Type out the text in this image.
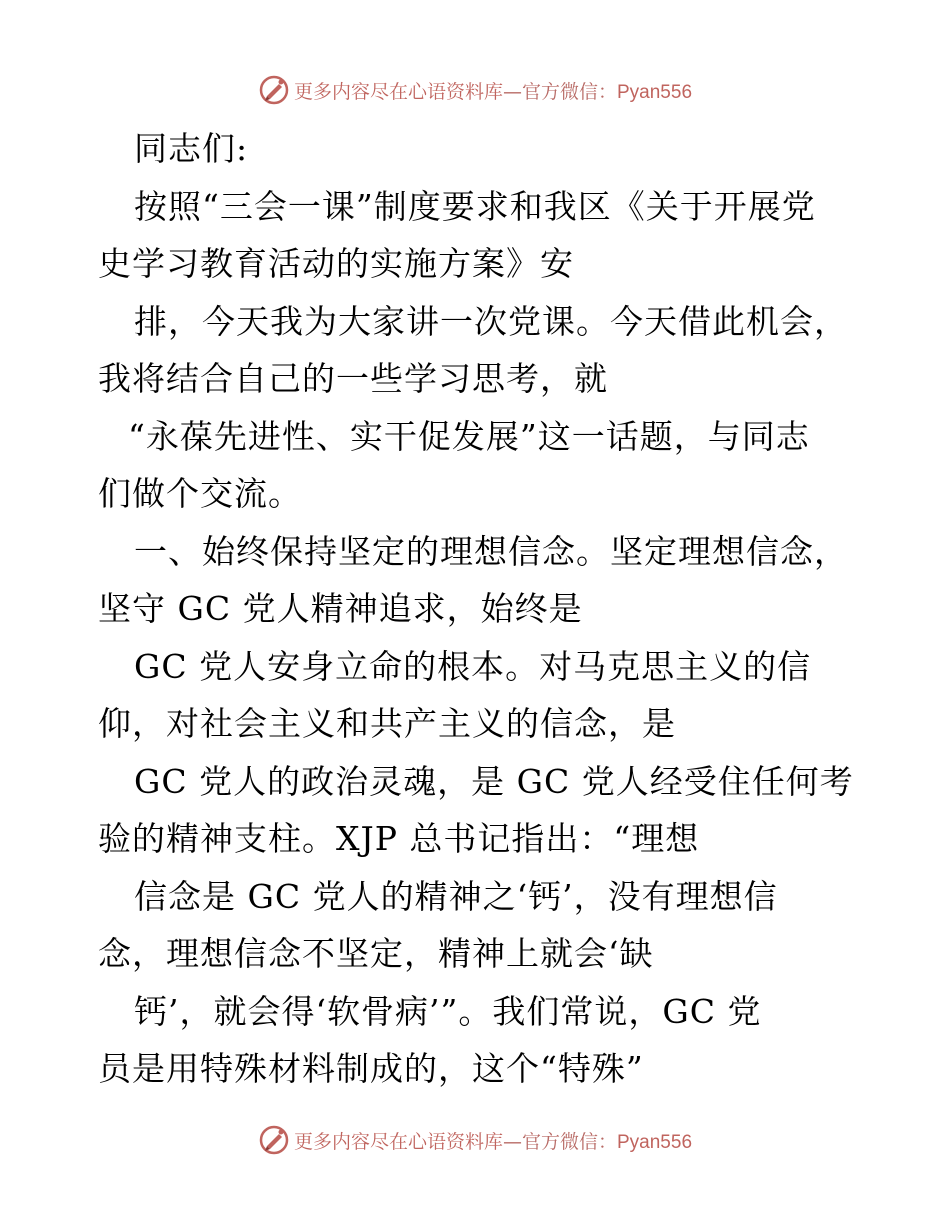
更多内容尽在心语资料库—官方微信：Pyan556
同志们:
按照“三会一课”制度要求和我区《关于开展党
史学习教育活动的实施方案》安
排，今天我为大家讲一次党课。今天借此机会，
我将结合自己的一些学习思考，就
“永葆先进性、实干促发展”这一话题，与同志
们做个交流。
一、始终保持坚定的理想信念。坚定理想信念，
坚守 GC 党人精神追求，始终是
GC 党人安身立命的根本。对马克思主义的信
仰，对社会主义和共产主义的信念，是
GC 党人的政治灵魂，是 GC 党人经受住任何考
验的精神支柱。XJP 总书记指出：“理想
信念是 GC 党人的精神之‘钙’，没有理想信
念，理想信念不坚定，精神上就会‘缺
钙’，就会得‘软骨病’”。我们常说，GC 党
员是用特殊材料制成的，这个“特殊”
更多内容尽在心语资料库—官方微信：Pyan556
